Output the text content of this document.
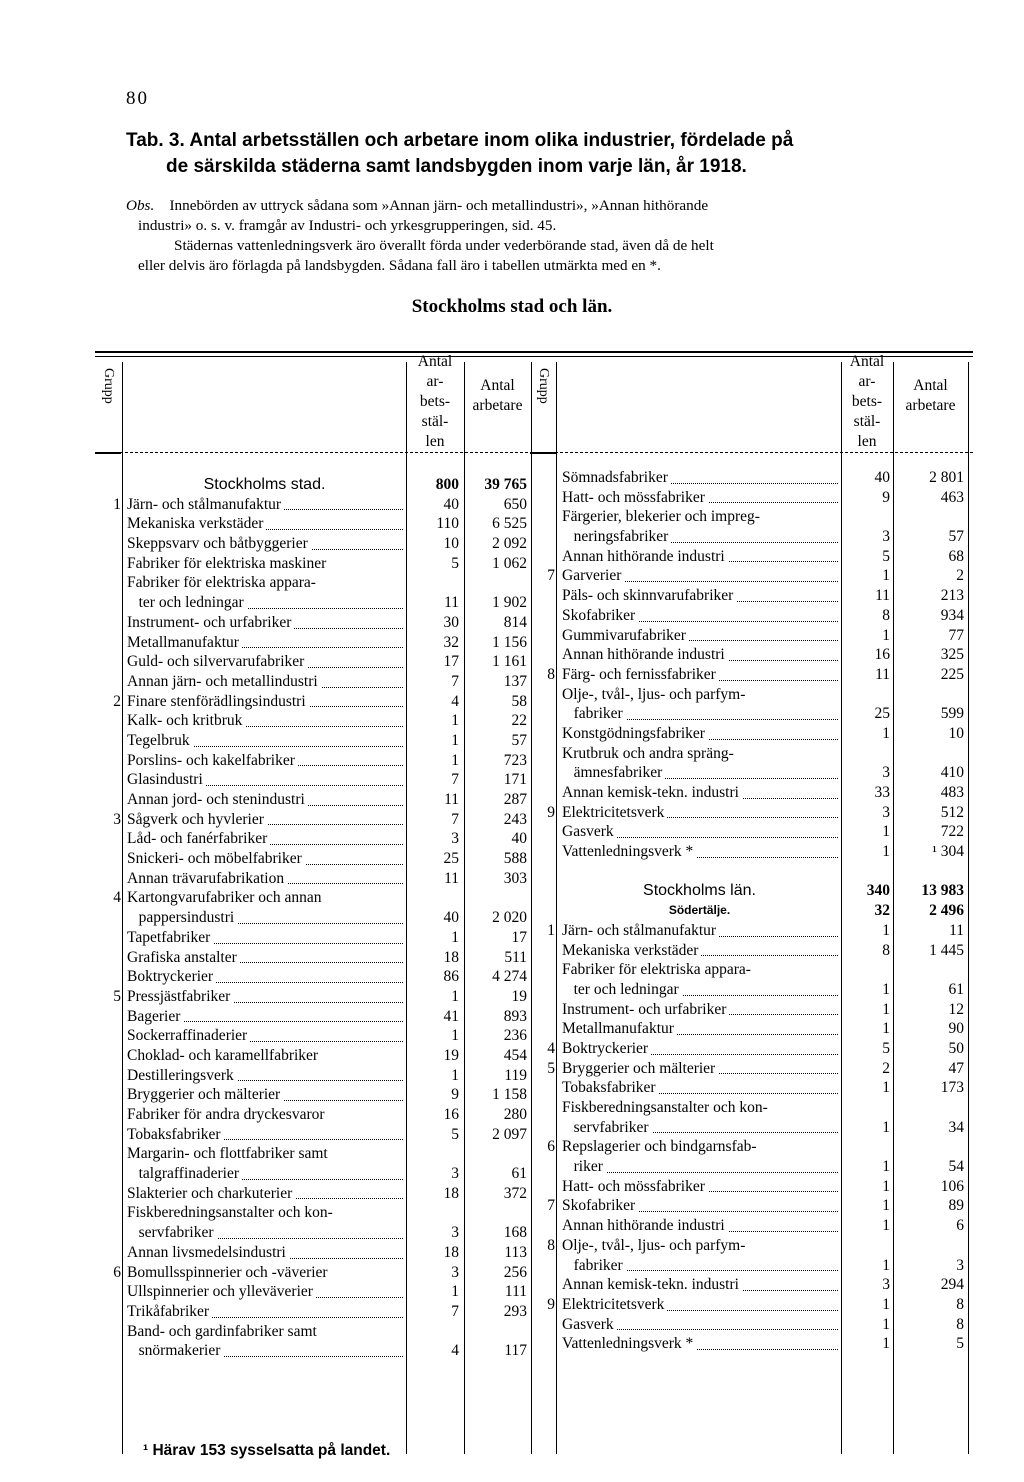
80
Tab. 3. Antal arbetsställen och arbetare inom olika industrier, fördelade på
de särskilda städerna samt landsbygden inom varje län, år 1918.

Obs. Innebörden av uttryck sådana som »Annan järn- och metallindustri», »Annan hithörande

industri» o. s. v. framgår av Industri- och yrkesgrupperingen, sid. 45.

Städernas vattenledningsverk äro överallt förda under vederbörande stad, även då de helt

eller delvis äro förlagda på landsbygden. Sådana fall äro i tabellen utmärkta med en *.

Stockholms stad och län.
Grupp	Grupp
Antal
ar-
bets-
stäl-
len
Antal
arbetare
Antal
ar-
bets-
stäl-
len
Antal
arbetare
Stockholms stad.	800	39 765
1 Järn- och stålmanufaktur	40	650
Mekaniska verkstäder	110	6 525
Skeppsvarv och båtbyggerier	10	2 092
Fabriker för elektriska maskiner	5	1 062
Fabriker för elektriska appara-
ter och ledningar	11	1 902
Instrument- och urfabriker	30	814
Metallmanufaktur	32	1 156
Guld- och silvervarufabriker	17	1 161
Annan järn- och metallindustri	7	137
2 Finare stenförädlingsindustri	4	58
Kalk- och kritbruk	1	22
Tegelbruk	1	57
Porslins- och kakelfabriker	1	723
Glasindustri	7	171
Annan jord- och stenindustri	11	287
3 Sågverk och hyvlerier	7	243
Låd- och fanérfabriker	3	40
Snickeri- och möbelfabriker	25	588
Annan trävarufabrikation	11	303
4 Kartongvarufabriker och annan
pappersindustri	40	2 020
Tapetfabriker	1	17
Grafiska anstalter	18	511
Boktryckerier	86	4 274
5 Pressjästfabriker	1	19
Bagerier	41	893
Sockerraffinaderier	1	236
Choklad- och karamellfabriker	19	454
Destilleringsverk	1	119
Bryggerier och mälterier	9	1 158
Fabriker för andra dryckesvaror	16	280
Tobaksfabriker	5	2 097
Margarin- och flottfabriker samt
talgraffinaderier	3	61
Slakterier och charkuterier	18	372
Fiskberedningsanstalter och kon-
servfabriker	3	168
Annan livsmedelsindustri	18	113
6 Bomullsspinnerier och -väverier	3	256
Ullspinnerier och ylleväverier	1	111
Trikåfabriker	7	293
Band- och gardinfabriker samt
snörmakerier	4	117
Sömnadsfabriker	40	2 801
Hatt- och mössfabriker	9	463
Färgerier, blekerier och impreg-
neringsfabriker	3	57
Annan hithörande industri	5	68
7 Garverier	1	2
Päls- och skinnvarufabriker	11	213
Skofabriker	8	934
Gummivarufabriker	1	77
Annan hithörande industri	16	325
8 Färg- och fernissfabriker	11	225
Olje-, tvål-, ljus- och parfym-
fabriker	25	599
Konstgödningsfabriker	1	10
Krutbruk och andra spräng-
ämnesfabriker	3	410
Annan kemisk-tekn. industri	33	483
9 Elektricitetsverk	3	512
Gasverk	1	722
Vattenledningsverk *	1	¹ 304
Stockholms län.	340	13 983
Södertälje.	32	2 496
1 Järn- och stålmanufaktur	1	11
Mekaniska verkstäder	8	1 445
Fabriker för elektriska appara-
ter och ledningar	1	61
Instrument- och urfabriker	1	12
Metallmanufaktur	1	90
4 Boktryckerier	5	50
5 Bryggerier och mälterier	2	47
Tobaksfabriker	1	173
Fiskberedningsanstalter och kon-
servfabriker	1	34
6 Repslagerier och bindgarnsfab-
riker	1	54
Hatt- och mössfabriker	1	106
7 Skofabriker	1	89
Annan hithörande industri	1	6
8 Olje-, tvål-, ljus- och parfym-
fabriker	1	3
Annan kemisk-tekn. industri	3	294
9 Elektricitetsverk	1	8
Gasverk	1	8
Vattenledningsverk *	1	5
¹ Härav 153 sysselsatta på landet.
